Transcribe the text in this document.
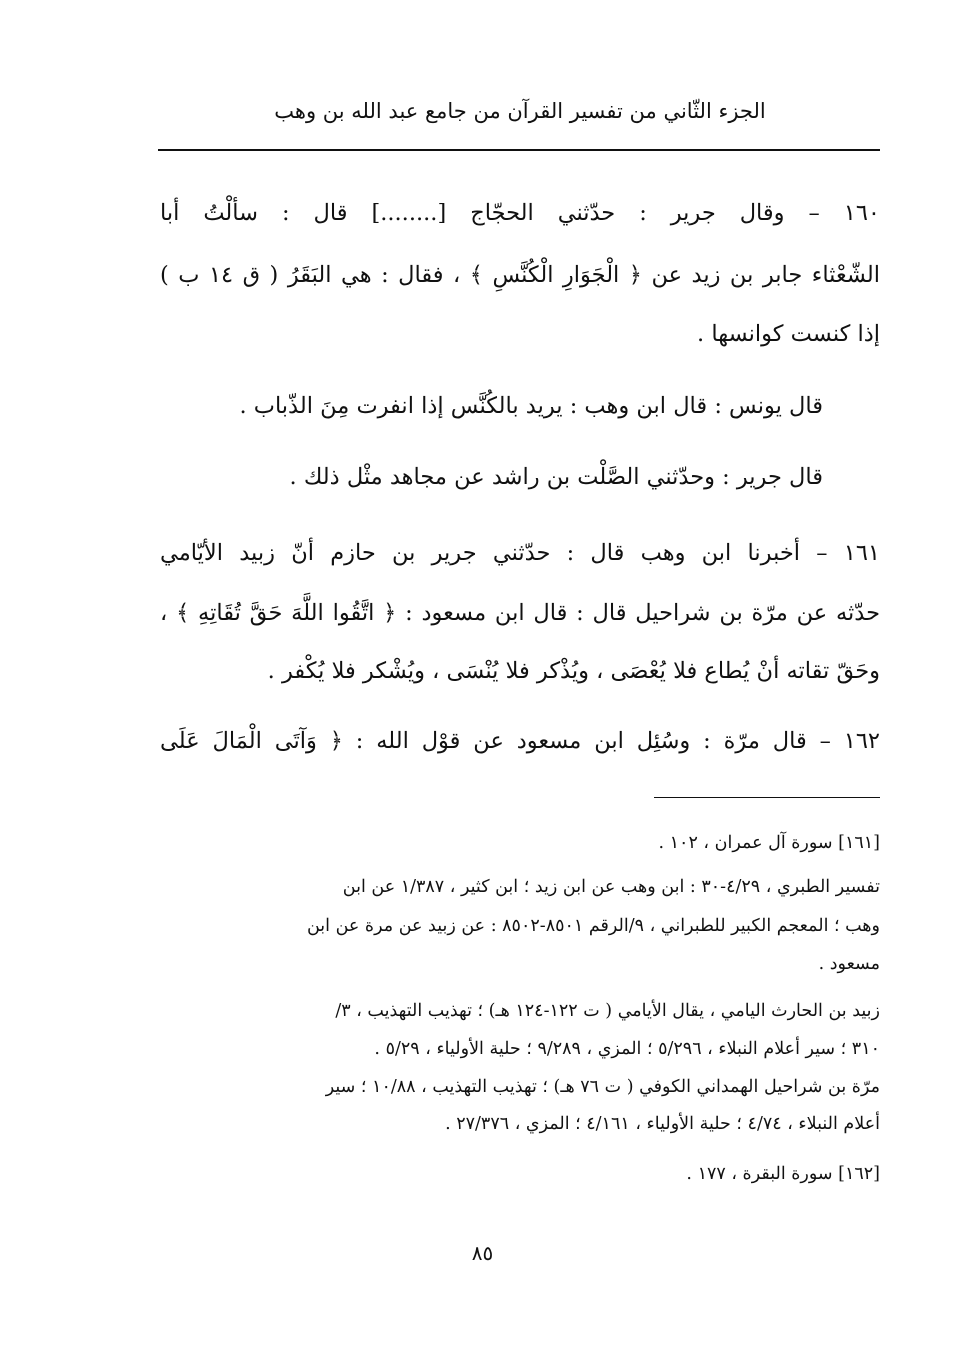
الجزء الثّاني من تفسير القرآن من جامع عبد الله بن وهب
١٦٠ – وقال جرير : حدّثني الحجّاج [........] قال : سألْتُ أبا
الشّعْثاء جابر بن زيد عن ﴿ الْجَوَارِ الْكُنَّسِ ﴾ ، فقال : هي البَقَرُ ( ق ١٤ ب )
إذا كنست كوانسها .
قال يونس : قال ابن وهب : يريد بالكُنَّس إذا انفرت مِنَ الذّباب .
قال جرير : وحدّثني الصَّلْت بن راشد عن مجاهد مثْل ذلك .
١٦١ – أخبرنا ابن وهب قال : حدّثني جرير بن حازم أنّ زبيد الأيّامي
حدّثه عن مرّة بن شراحيل قال : قال ابن مسعود : ﴿ اتَّقُوا اللَّهَ حَقَّ تُقَاتِهِ ﴾ ،
وحَقّ تقاته أنْ يُطاع فلا يُعْصَى ، ويُذْكر فلا يُنْسَى ، ويُشْكر فلا يُكْفر .
١٦٢ – قال مرّة : وسُئِل ابن مسعود عن قوْل الله : ﴿ وَآتَى الْمَالَ عَلَى
[١٦١] سورة آل عمران ، ١٠٢ .
تفسير الطبري ، ٤/٢٩-٣٠ : ابن وهب عن ابن زيد ؛ ابن كثير ، ١/٣٨٧ عن ابن
وهب ؛ المعجم الكبير للطبراني ، ٩/الرقم ٨٥٠١-٨٥٠٢ : عن زبيد عن مرة عن ابن
مسعود .
زبيد بن الحارث اليامي ، يقال الأيامي ( ت ١٢٢-١٢٤ هـ) ؛ تهذيب التهذيب ، ٣/
٣١٠ ؛ سير أعلام النبلاء ، ٥/٢٩٦ ؛ المزي ، ٩/٢٨٩ ؛ حلية الأولياء ، ٥/٢٩ .
مرّة بن شراحيل الهمداني الكوفي ( ت ٧٦ هـ) ؛ تهذيب التهذيب ، ١٠/٨٨ ؛ سير
أعلام النبلاء ، ٤/٧٤ ؛ حلية الأولياء ، ٤/١٦١ ؛ المزي ، ٢٧/٣٧٦ .
[١٦٢] سورة البقرة ، ١٧٧ .
٨٥
